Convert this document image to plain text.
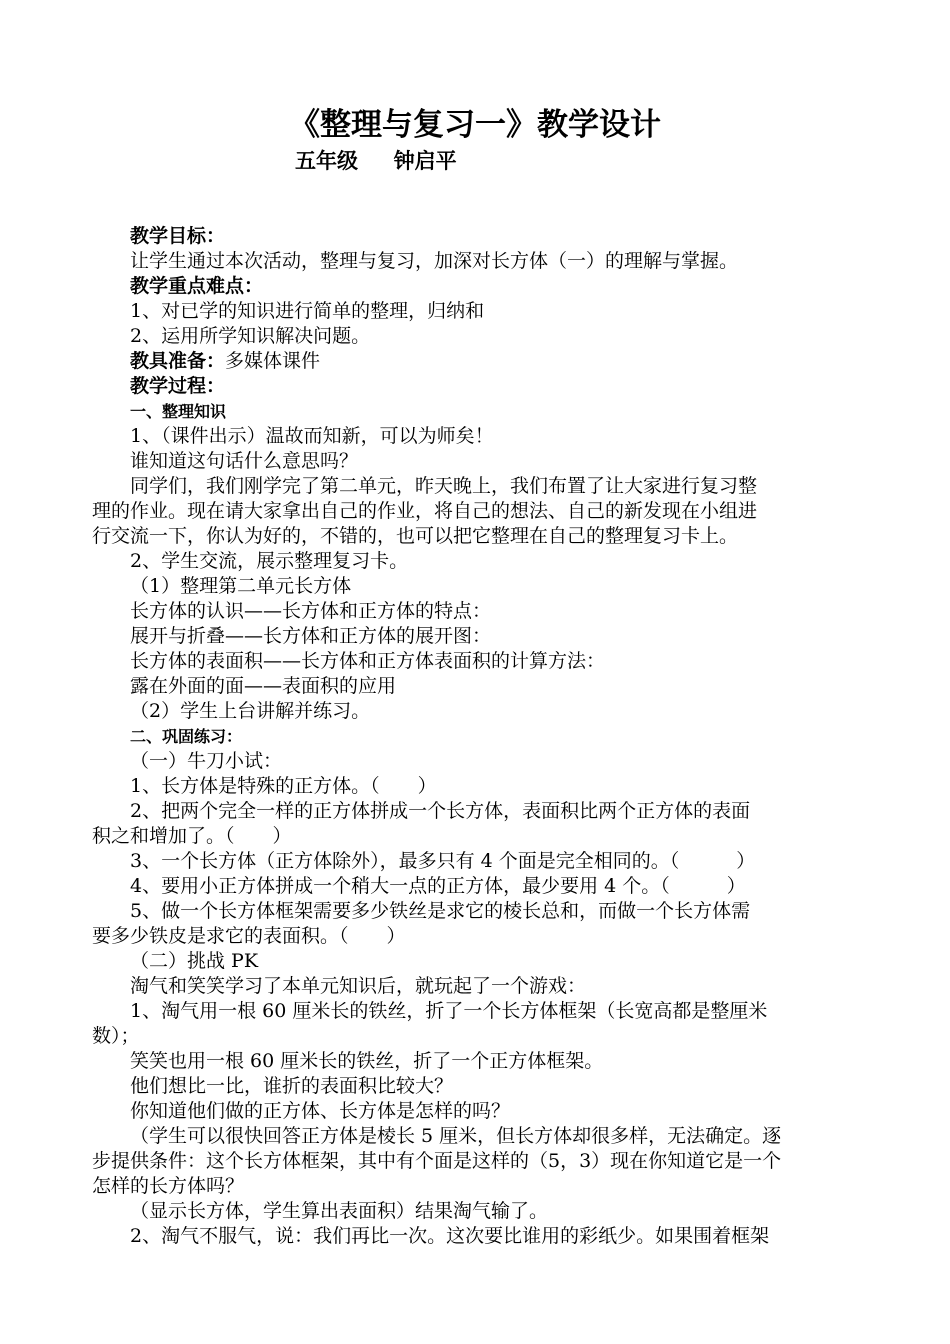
《整理与复习一》教学设计
五年级　  钟启平
教学目标：
让学生通过本次活动，整理与复习，加深对长方体（一）的理解与掌握。
教学重点难点：
1、对已学的知识进行简单的整理，归纳和
2、运用所学知识解决问题。
教具准备：多媒体课件
教学过程：
一、整理知识
1、（课件出示）温故而知新，可以为师矣！
谁知道这句话什么意思吗？
同学们，我们刚学完了第二单元，昨天晚上，我们布置了让大家进行复习整
理的作业。现在请大家拿出自己的作业，将自己的想法、自己的新发现在小组进
行交流一下，你认为好的，不错的，也可以把它整理在自己的整理复习卡上。
2、学生交流，展示整理复习卡。
（1）整理第二单元长方体
长方体的认识——长方体和正方体的特点：
展开与折叠——长方体和正方体的展开图：
长方体的表面积——长方体和正方体表面积的计算方法：
露在外面的面——表面积的应用
（2）学生上台讲解并练习。
二、巩固练习：
（一）牛刀小试：
1、长方体是特殊的正方体。（　　）
2、把两个完全一样的正方体拼成一个长方体，表面积比两个正方体的表面
积之和增加了。（　　）
3、一个长方体（正方体除外），最多只有 4 个面是完全相同的。（　　　）
4、要用小正方体拼成一个稍大一点的正方体，最少要用 4 个。（　　　）
5、做一个长方体框架需要多少铁丝是求它的棱长总和，而做一个长方体需
要多少铁皮是求它的表面积。（　　）
（二）挑战 PK
淘气和笑笑学习了本单元知识后，就玩起了一个游戏：
1、淘气用一根 60 厘米长的铁丝，折了一个长方体框架（长宽高都是整厘米
数）；
笑笑也用一根 60 厘米长的铁丝，折了一个正方体框架。
他们想比一比，谁折的表面积比较大？
你知道他们做的正方体、长方体是怎样的吗？
（学生可以很快回答正方体是棱长 5 厘米，但长方体却很多样，无法确定。逐
步提供条件：这个长方体框架，其中有个面是这样的（5，3）现在你知道它是一个
怎样的长方体吗？
（显示长方体，学生算出表面积）结果淘气输了。
2、淘气不服气，说：我们再比一次。这次要比谁用的彩纸少。如果围着框架
